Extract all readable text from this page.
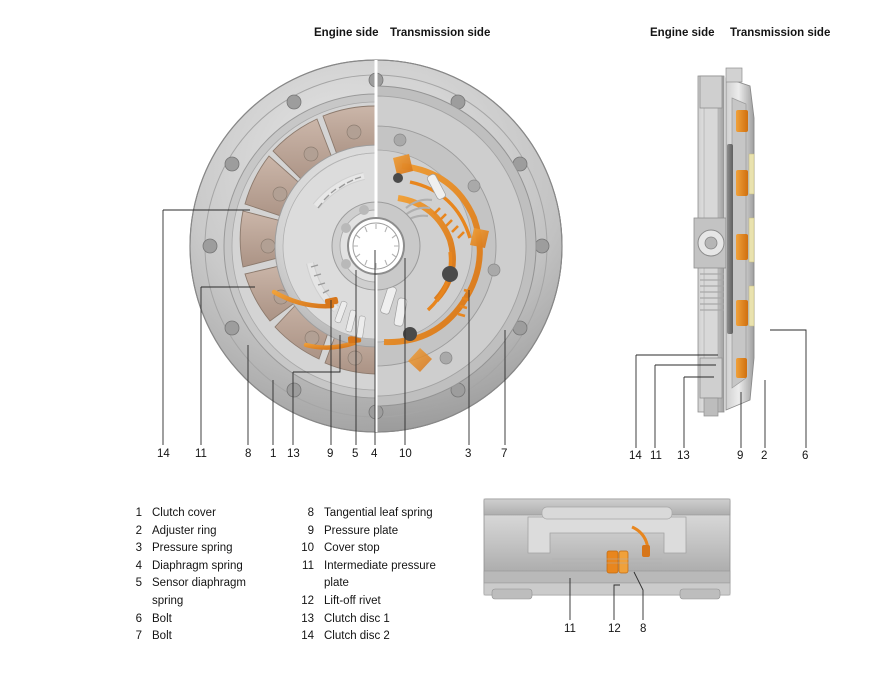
Engine side Transmission side	Engine side Transmission side
14 11	8 1 13 9 5 4 10	3	7	14 11 13	9 2	6
11	12 8
1 Clutch cover
2 Adjuster ring
3 Pressure spring
4 Diaphragm spring
5 Sensor diaphragm
spring
6 Bolt
7 Bolt
8 Tangential leaf spring
9 Pressure plate
10 Cover stop
11 Intermediate pressure
plate
12 Lift-off rivet
13 Clutch disc 1
14 Clutch disc 2
